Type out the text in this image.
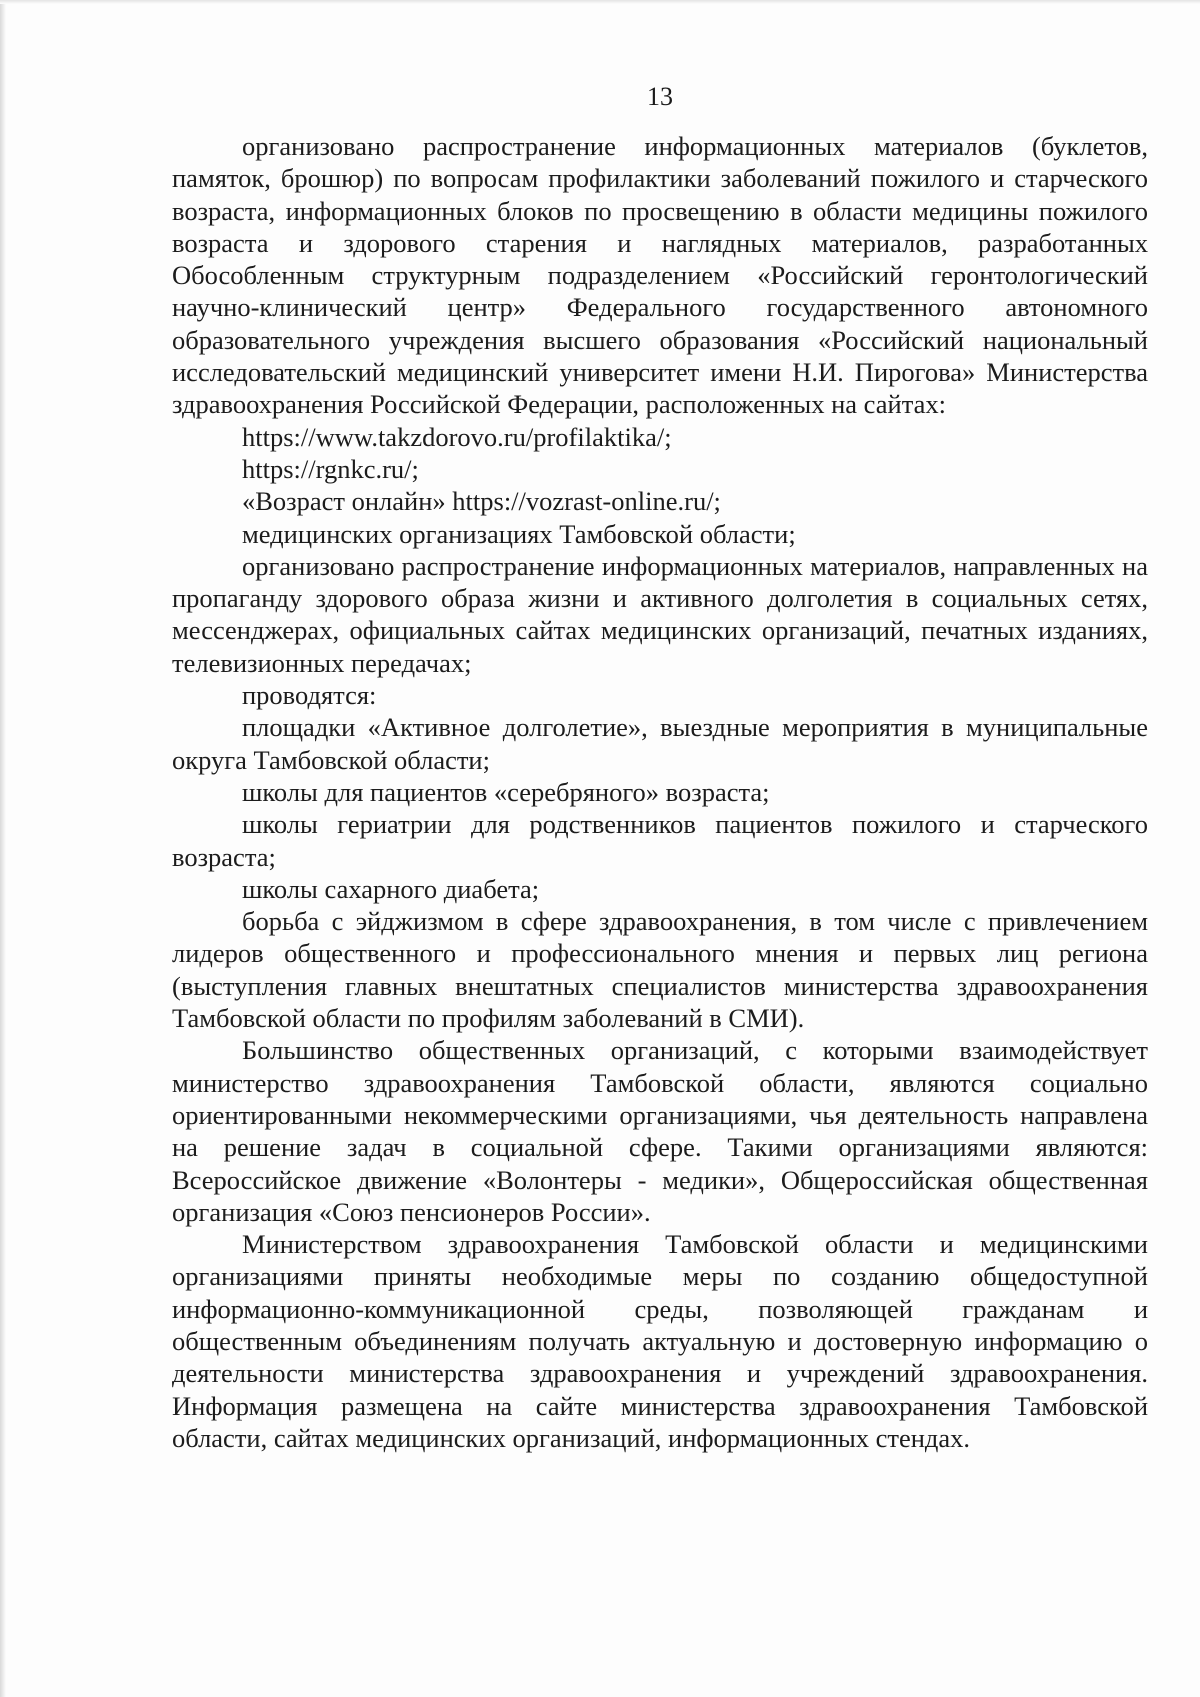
13

организовано распространение информационных материалов (буклетов, памяток, брошюр) по вопросам профилактики заболеваний пожилого и старческого возраста, информационных блоков по просвещению в области медицины пожилого возраста и здорового старения и наглядных материалов, разработанных Обособленным структурным подразделением «Российский геронтологический научно-клинический центр» Федерального государственного автономного образовательного учреждения высшего образования «Российский национальный исследовательский медицинский университет имени Н.И. Пирогова» Министерства здравоохранения Российской Федерации, расположенных на сайтах:

https://www.takzdorovo.ru/profilaktika/;

https://rgnkc.ru/;

«Возраст онлайн» https://vozrast-online.ru/;

медицинских организациях Тамбовской области;

организовано распространение информационных материалов, направленных на пропаганду здорового образа жизни и активного долголетия в социальных сетях, мессенджерах, официальных сайтах медицинских организаций, печатных изданиях, телевизионных передачах;

проводятся:

площадки «Активное долголетие», выездные мероприятия в муниципальные округа Тамбовской области;

школы для пациентов «серебряного» возраста;

школы гериатрии для родственников пациентов пожилого и старческого возраста;

школы сахарного диабета;

борьба с эйджизмом в сфере здравоохранения, в том числе с привлечением лидеров общественного и профессионального мнения и первых лиц региона (выступления главных внештатных специалистов министерства здравоохранения Тамбовской области по профилям заболеваний в СМИ).

Большинство общественных организаций, с которыми взаимодействует министерство здравоохранения Тамбовской области, являются социально ориентированными некоммерческими организациями, чья деятельность направлена на решение задач в социальной сфере. Такими организациями являются: Всероссийское движение «Волонтеры - медики», Общероссийская общественная организация «Союз пенсионеров России».

Министерством здравоохранения Тамбовской области и медицинскими организациями приняты необходимые меры по созданию общедоступной информационно-коммуникационной среды, позволяющей гражданам и общественным объединениям получать актуальную и достоверную информацию о деятельности министерства здравоохранения и учреждений здравоохранения. Информация размещена на сайте министерства здравоохранения Тамбовской области, сайтах медицинских организаций, информационных стендах.
